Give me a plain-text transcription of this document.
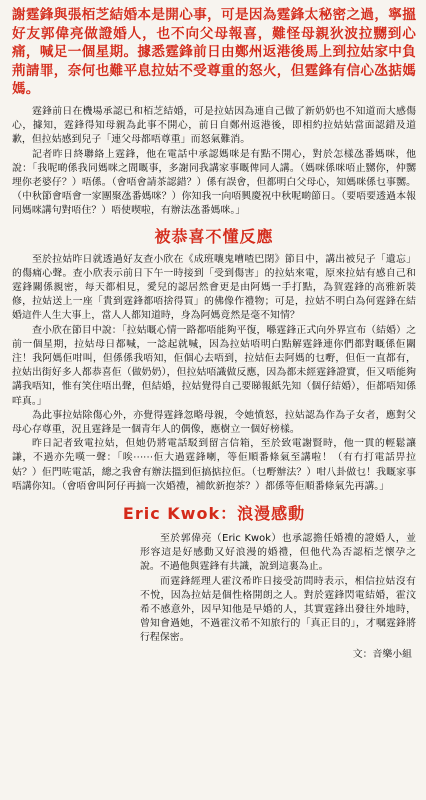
謝霆鋒與張栢芝結婚本是開心事，可是因為霆鋒太秘密之過，寧搵好友郭偉亮做證婚人，也不向父母報喜，難怪母親狄波拉嬲到心痛，喊足一個星期。據悉霆鋒前日由鄭州返港後馬上到拉姑家中負荊請罪，奈何也難平息拉姑不受尊重的怒火，但霆鋒有信心氹掂媽媽。

霆鋒前日在機場承認已和栢芝結婚，可是拉姑因為連自己做了新奶奶也不知道而大感傷心，據知，霆鋒得知母親為此事不開心，前日自鄭州返港後，即相約拉姑姑當面認錯及道歉，但拉姑感到兒子「連父母都唔尊重」而怒氣難消。

記者昨日終聯絡上霆鋒，他在電話中承認媽咪是有點不開心，對於怎樣氹番媽咪，他說：「我呢啲係我同媽咪之間嘅事，多謝同我講家事嘅俾同人講。（媽咪係咪唔止嬲你，仲嬲埋你老婆仔？）唔係。（會唔會請茶認錯？）係有誤會，但都明白父母心，知媽咪係乜事嬲。（中秋節會唔會一家團聚氹番媽咪？）你知我一向唔興慶祝中秋呢啲節日。（要唔要透過本報同媽咪講句對唔住？）唔使喫啦，有辦法氹番媽咪。」

被恭喜不懂反應

至於拉姑昨日就透過好友查小欣在《成班嚷鬼嘈喳巴閉》節目中，講出被兒子「遺忘」的傷痛心聲。查小欣表示前日下午一時接到「受到傷害」的拉姑來電，原來拉姑有感自己和霆鋒關係親密，每天都相見，愛兒的認居然會更是由阿媽一手打點，為賀霆鋒的高雅新裝修，拉姑送上一座「貴到霆鋒都唔捨得買」的佛像作禮物；可是，拉姑不明白為何霆鋒在結婚這件人生大事上，當人人都知道時，身為阿媽竟然是毫不知情？

查小欣在節目中說：「拉姑嘅心情一路都唔能夠平復，喺霆鋒正式向外界宣布（結婚）之前一個星期，拉姑母日都喊，一諗起就喊，因為拉姑唔明白點解霆鋒連你們都對嘅係佢關注！我阿媽佢咁叫，但係係我唔知，佢個心去唔到，拉姑佢去阿媽的乜嘢，但佢一直都有，拉姑出街好多人都恭喜佢（做奶奶），但拉姑唔識做反應，因為都未經霆鋒證實，佢又唔能夠講我唔知，惟有笑住唔出聲，但結婚，拉姑覺得自己要睇報紙先知（個仔結婚），佢都唔知係咩真。」

為此事拉姑除傷心外，亦覺得霆鋒忽略母親，令她憤怒，拉姑認為作為子女者，應對父母心存尊重，況且霆鋒是一個青年人的偶像，應樹立一個好榜樣。

昨日記者致電拉姑，但她仍將電話駁到留言信箱，至於致電謝賢時，他一貫的輕鬆讓謙，不過亦先嘆一聲：「唉⋯⋯佢大過霆鋒喇，等佢順番條氣至講啦！（有冇打電話畀拉姑？）佢門咗電話，總之我會有辦法搵到佢搞掂拉佢。（乜嘢辦法？）咁八卦做乜！我嘅家事唔講你知。（會唔會叫阿仔再搞一次婚禮，補飲新抱茶？）都係等佢順番條氣先再講。」

Eric Kwok：浪漫感動

至於郭偉亮（Eric Kwok）也承認擔任婚禮的證婚人，並形容這是好感動又好浪漫的婚禮，但他代為否認栢芝懷孕之說。不過他與霆鋒有共識，說到這裏為止。

而霆鋒經理人霍汶希昨日接受訪問時表示，相信拉姑沒有不悅，因為拉姑是個性格開朗之人。對於霆鋒閃電結婚，霍汶希不感意外，因早知他是早婚的人，其實霆鋒出發往外地時，曾知會過她，不過霍汶希不知旅行的「真正目的」，才嘱霆鋒將行程保密。

文：音樂小組
